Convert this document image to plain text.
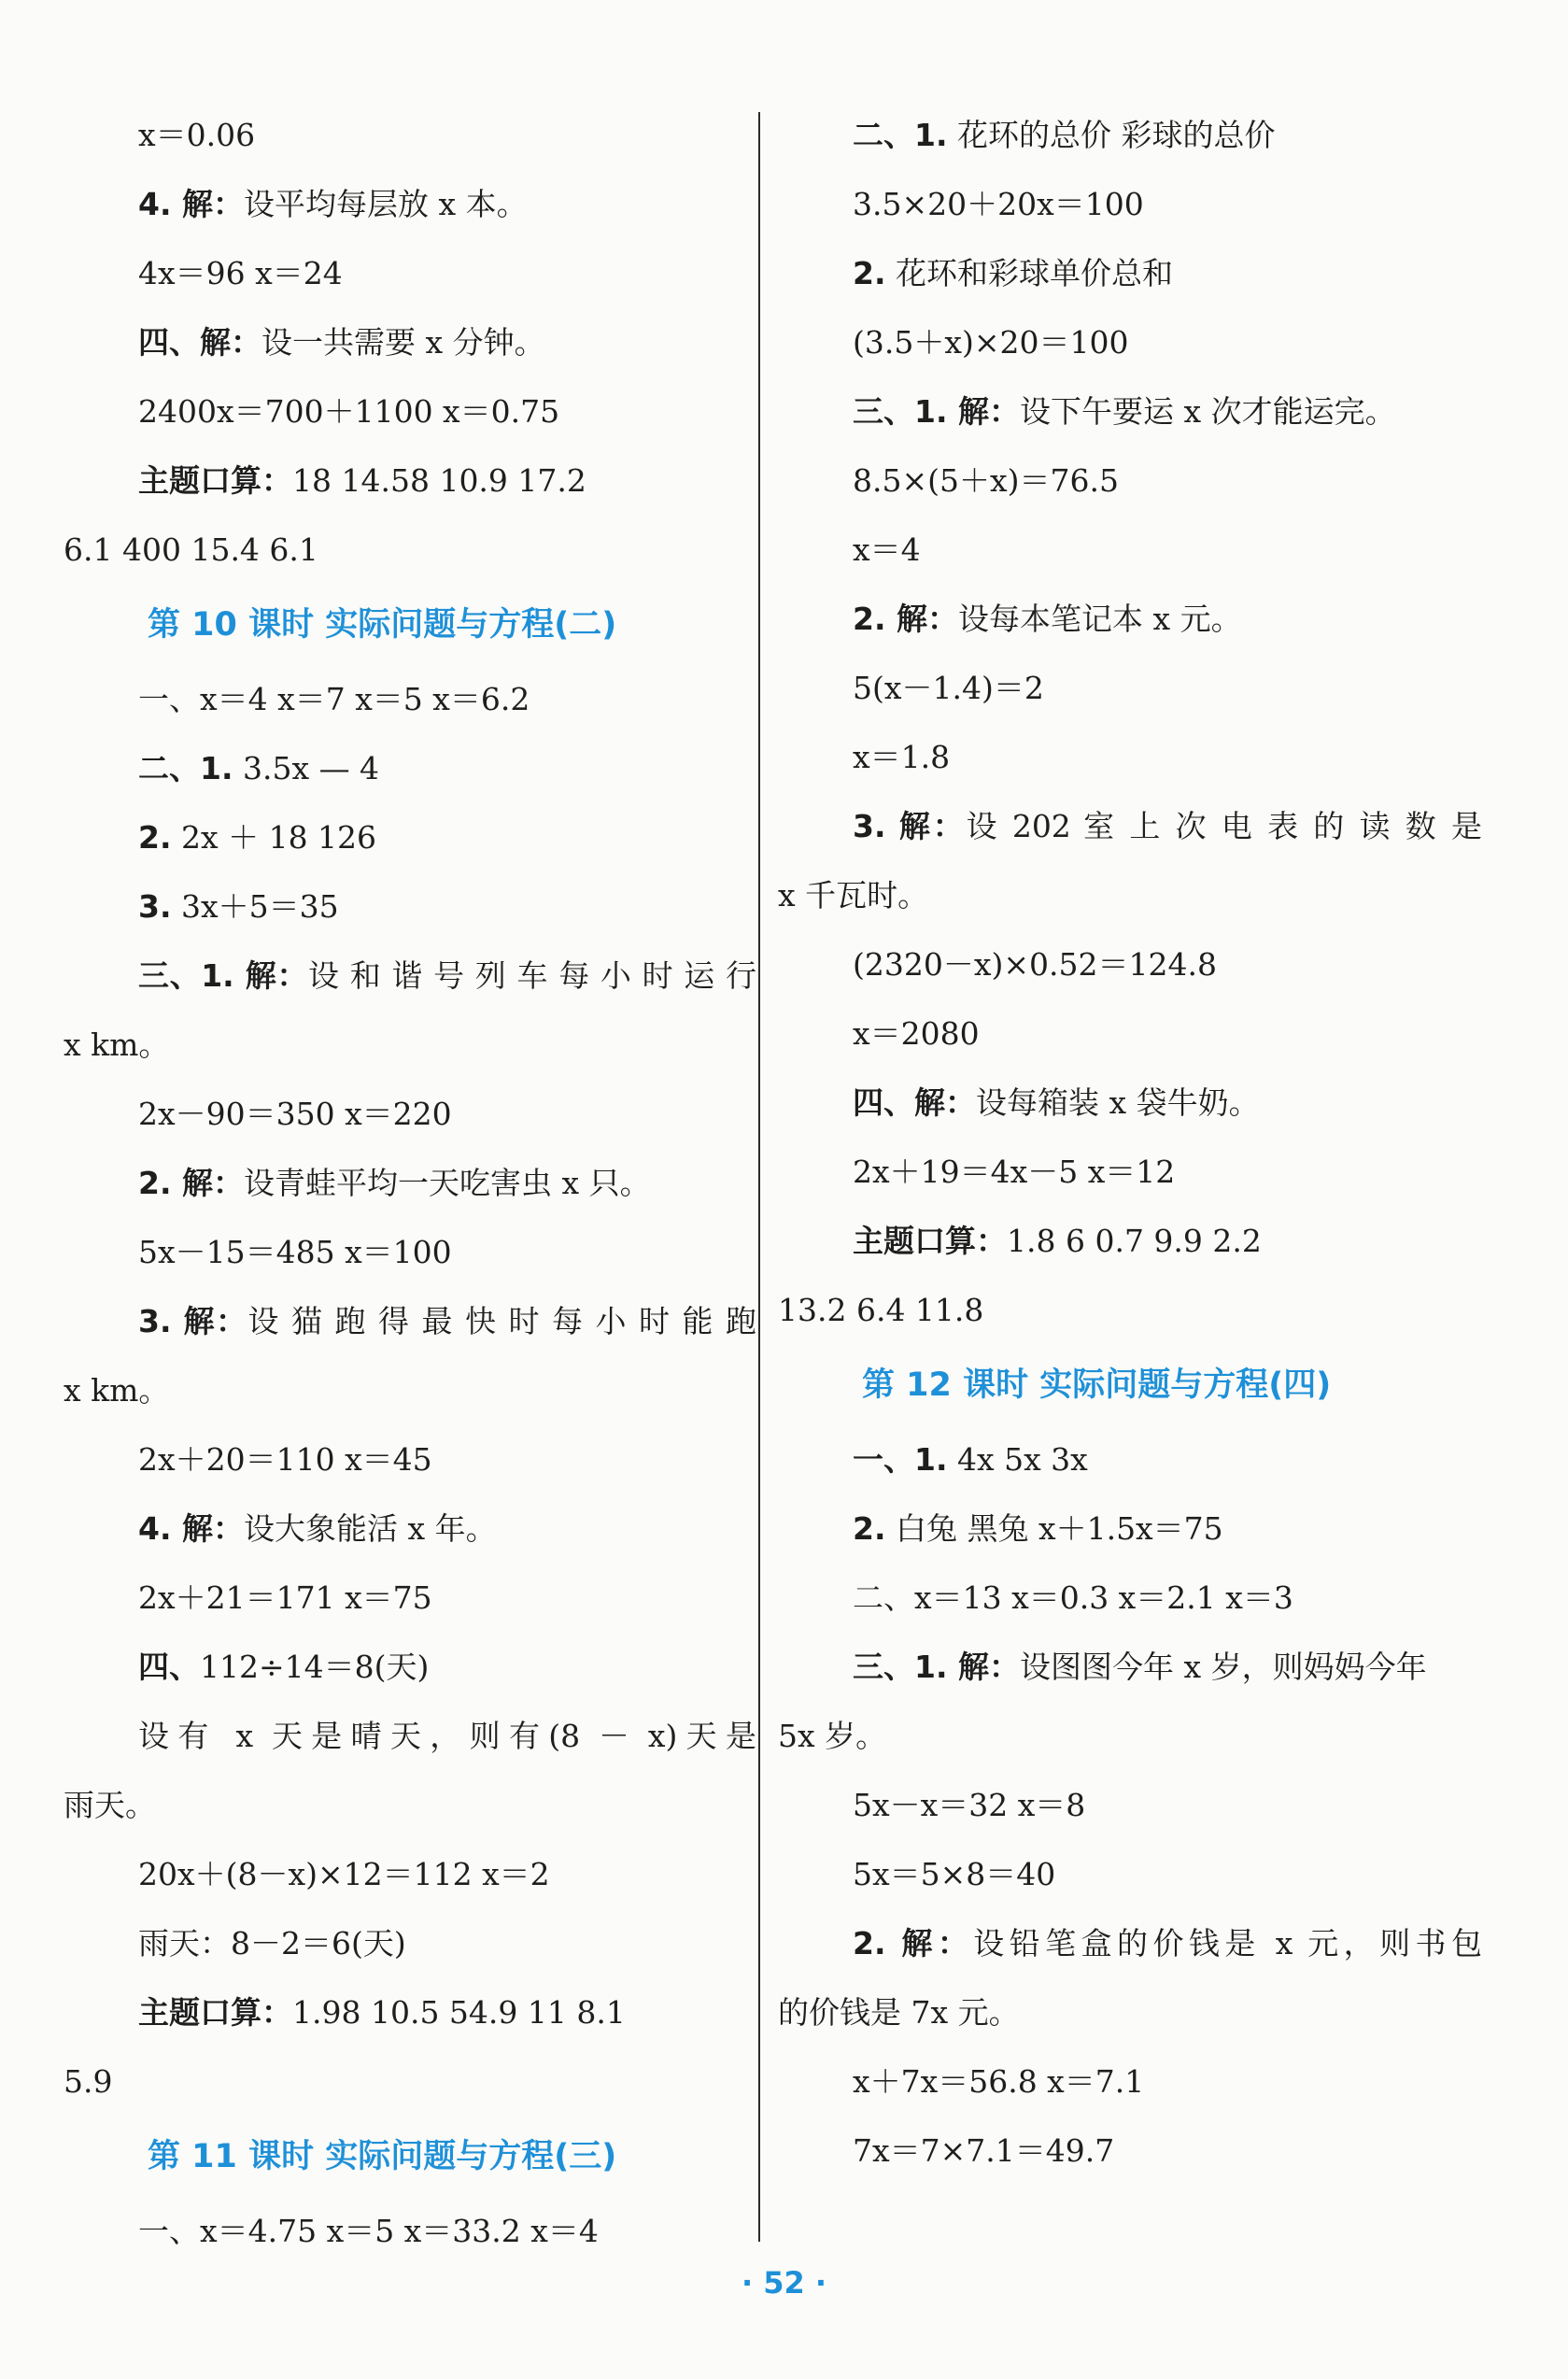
x＝0.06
4. 解：设平均每层放 x 本。
4x＝96 x＝24
四、解：设一共需要 x 分钟。
2400x＝700＋1100 x＝0.75
主题口算：18 14.58 10.9 17.2
6.1 400 15.4 6.1
第 10 课时 实际问题与方程(二)
一、x＝4 x＝7 x＝5 x＝6.2
二、1. 3.5x — 4
2. 2x ＋ 18 126
3. 3x＋5＝35
三、1. 解：设 和 谐 号 列 车 每 小 时 运 行
x km。
2x－90＝350 x＝220
2. 解：设青蛙平均一天吃害虫 x 只。
5x－15＝485 x＝100
3. 解：设 猫 跑 得 最 快 时 每 小 时 能 跑
x km。
2x＋20＝110 x＝45
4. 解：设大象能活 x 年。
2x＋21＝171 x＝75
四、112÷14＝8(天)
设有 x 天是晴天，则有(8 － x)天是
雨天。
20x＋(8－x)×12＝112 x＝2
雨天：8－2＝6(天)
主题口算：1.98 10.5 54.9 11 8.1
5.9
第 11 课时 实际问题与方程(三)
一、x＝4.75 x＝5 x＝33.2 x＝4
二、1. 花环的总价 彩球的总价
3.5×20＋20x＝100
2. 花环和彩球单价总和
(3.5＋x)×20＝100
三、1. 解：设下午要运 x 次才能运完。
8.5×(5＋x)＝76.5
x＝4
2. 解：设每本笔记本 x 元。
5(x－1.4)＝2
x＝1.8
3. 解：设 202 室 上 次 电 表 的 读 数 是
x 千瓦时。
(2320－x)×0.52＝124.8
x＝2080
四、解：设每箱装 x 袋牛奶。
2x＋19＝4x－5 x＝12
主题口算：1.8 6 0.7 9.9 2.2
13.2 6.4 11.8
第 12 课时 实际问题与方程(四)
一、1. 4x 5x 3x
2. 白兔 黑兔 x＋1.5x＝75
二、x＝13 x＝0.3 x＝2.1 x＝3
三、1. 解：设图图今年 x 岁，则妈妈今年
5x 岁。
5x－x＝32 x＝8
5x＝5×8＝40
2. 解：设铅笔盒的价钱是 x 元，则书包
的价钱是 7x 元。
x＋7x＝56.8 x＝7.1
7x＝7×7.1＝49.7
· 52 ·
